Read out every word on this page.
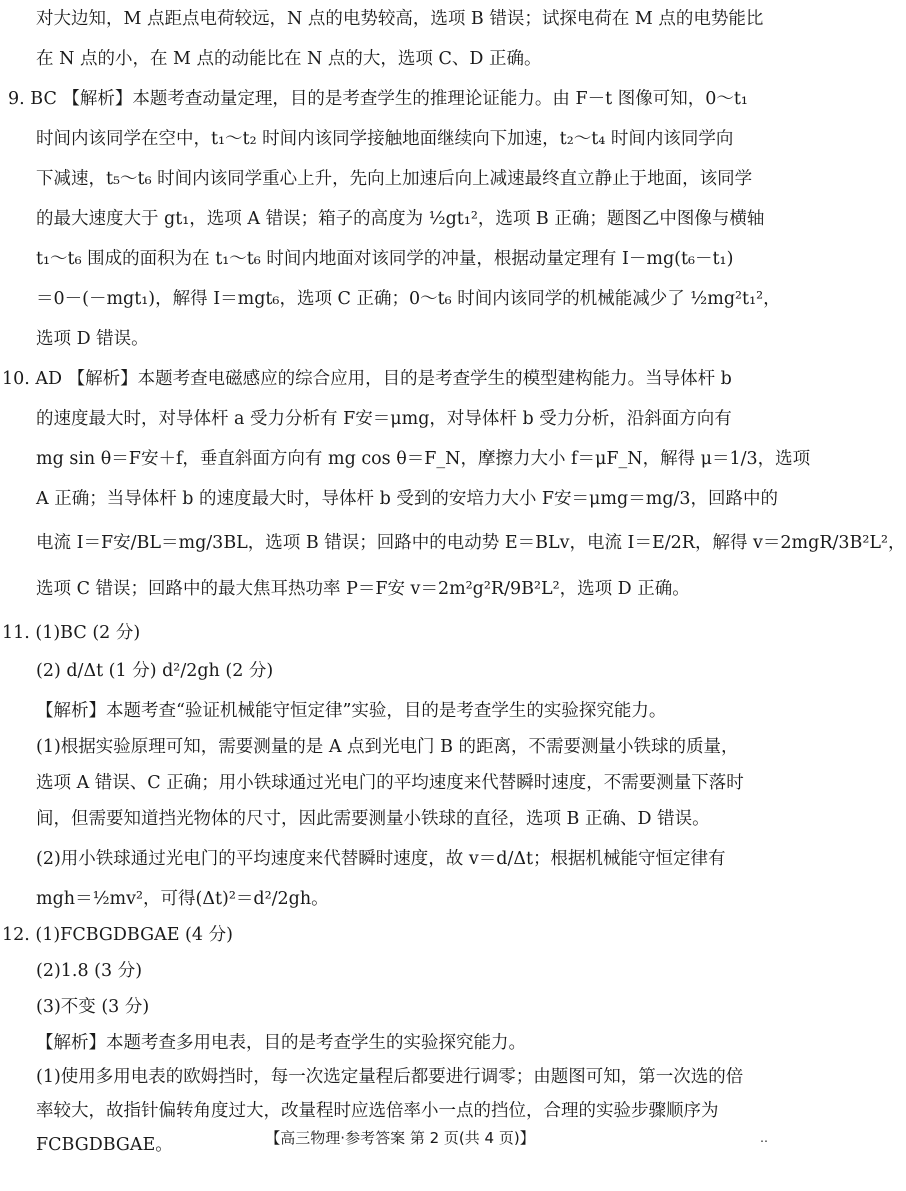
对大边知，M 点距点电荷较远，N 点的电势较高，选项 B 错误；试探电荷在 M 点的电势能比
在 N 点的小，在 M 点的动能比在 N 点的大，选项 C、D 正确。
9. BC 【解析】本题考查动量定理，目的是考查学生的推理论证能力。由 F－t 图像可知，0～t₁
时间内该同学在空中，t₁～t₂ 时间内该同学接触地面继续向下加速，t₂～t₄ 时间内该同学向
下减速，t₅～t₆ 时间内该同学重心上升，先向上加速后向上减速最终直立静止于地面，该同学
的最大速度大于 gt₁，选项 A 错误；箱子的高度为 ½gt₁²，选项 B 正确；题图乙中图像与横轴
t₁～t₆ 围成的面积为在 t₁～t₆ 时间内地面对该同学的冲量，根据动量定理有 I－mg(t₆－t₁)
＝0－(－mgt₁)，解得 I＝mgt₆，选项 C 正确；0～t₆ 时间内该同学的机械能减少了 ½mg²t₁²，
选项 D 错误。
10. AD 【解析】本题考查电磁感应的综合应用，目的是考查学生的模型建构能力。当导体杆 b
的速度最大时，对导体杆 a 受力分析有 F安＝μmg，对导体杆 b 受力分析，沿斜面方向有
mg sin θ＝F安＋f，垂直斜面方向有 mg cos θ＝F_N，摩擦力大小 f＝μF_N，解得 μ＝1/3，选项
A 正确；当导体杆 b 的速度最大时，导体杆 b 受到的安培力大小 F安＝μmg＝mg/3，回路中的
电流 I＝F安/BL＝mg/3BL，选项 B 错误；回路中的电动势 E＝BLv，电流 I＝E/2R，解得 v＝2mgR/3B²L²，
选项 C 错误；回路中的最大焦耳热功率 P＝F安 v＝2m²g²R/9B²L²，选项 D 正确。
11. (1)BC (2 分)
(2) d/Δt (1 分) d²/2gh (2 分)
【解析】本题考查“验证机械能守恒定律”实验，目的是考查学生的实验探究能力。
(1)根据实验原理可知，需要测量的是 A 点到光电门 B 的距离，不需要测量小铁球的质量，
选项 A 错误、C 正确；用小铁球通过光电门的平均速度来代替瞬时速度，不需要测量下落时
间，但需要知道挡光物体的尺寸，因此需要测量小铁球的直径，选项 B 正确、D 错误。
(2)用小铁球通过光电门的平均速度来代替瞬时速度，故 v＝d/Δt；根据机械能守恒定律有
mgh＝½mv²，可得(Δt)²＝d²/2gh。
12. (1)FCBGDBGAE (4 分)
(2)1.8 (3 分)
(3)不变 (3 分)
【解析】本题考查多用电表，目的是考查学生的实验探究能力。
(1)使用多用电表的欧姆挡时，每一次选定量程后都要进行调零；由题图可知，第一次选的倍
率较大，故指针偏转角度过大，改量程时应选倍率小一点的挡位，合理的实验步骤顺序为
FCBGDBGAE。	【高三物理·参考答案 第 2 页(共 4 页)】	‥
